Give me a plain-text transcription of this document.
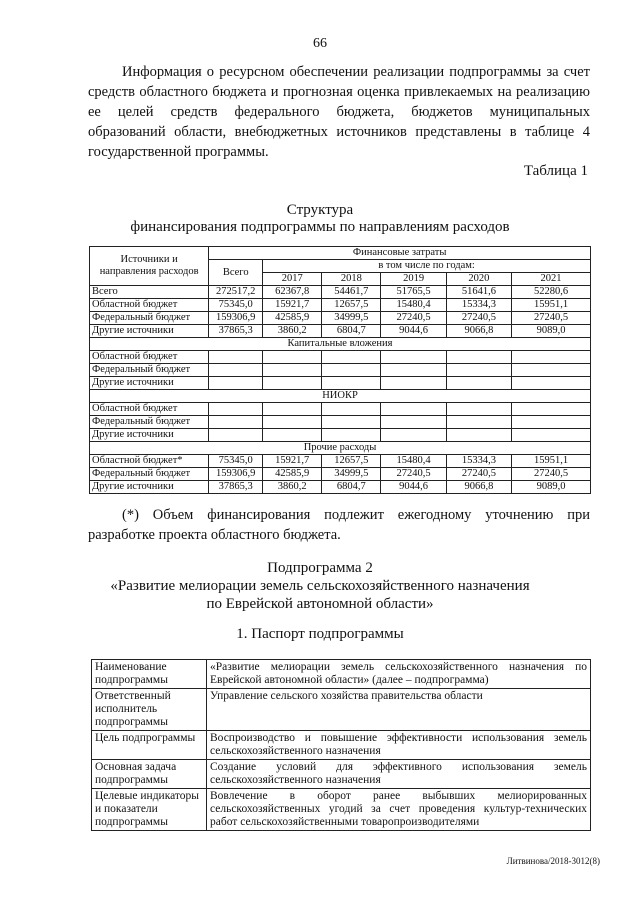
66

Информация о ресурсном обеспечении реализации подпрограммы за счет средств областного бюджета и прогнозная оценка привлекаемых на реализацию ее целей средств федерального бюджета, бюджетов муниципальных образований области, внебюджетных источников представлены в таблице 4 государственной программы.

Таблица 1
Структура
финансирования подпрограммы по направлениям расходов
Источники и направления расходов	Финансовые затраты					
	Всего	в том числе по годам:				
		2017	2018	2019	2020	2021
Всего	272517,2	62367,8	54461,7	51765,5	51641,6	52280,6
Областной бюджет	75345,0	15921,7	12657,5	15480,4	15334,3	15951,1
Федеральный бюджет	159306,9	42585,9	34999,5	27240,5	27240,5	27240,5
Другие источники	37865,3	3860,2	6804,7	9044,6	9066,8	9089,0
Капитальные вложения						
Областной бюджет						
Федеральный бюджет						
Другие источники						
НИОКР						
Областной бюджет						
Федеральный бюджет						
Другие источники						
Прочие расходы						
Областной бюджет*	75345,0	15921,7	12657,5	15480,4	15334,3	15951,1
Федеральный бюджет	159306,9	42585,9	34999,5	27240,5	27240,5	27240,5
Другие источники	37865,3	3860,2	6804,7	9044,6	9066,8	9089,0

(*) Объем финансирования подлежит ежегодному уточнению при разработке проекта областного бюджета.

Подпрограмма 2
«Развитие мелиорации земель сельскохозяйственного назначения
по Еврейской автономной области»
1. Паспорт подпрограммы
Наименование подпрограммы	«Развитие мелиорации земель сельскохозяйственного назначения по Еврейской автономной области» (далее – подпрограмма)
Ответственный исполнитель подпрограммы	Управление сельского хозяйства правительства области
Цель подпрограммы	Воспроизводство и повышение эффективности использования земель сельскохозяйственного назначения
Основная задача подпрограммы	Создание условий для эффективного использования земель сельскохозяйственного назначения
Целевые индикаторы и показатели подпрограммы	Вовлечение в оборот ранее выбывших мелиорированных сельскохозяйственных угодий за счет проведения культур-технических работ сельскохозяйственными товаропроизводителями
Литвинова/2018-3012(8)
